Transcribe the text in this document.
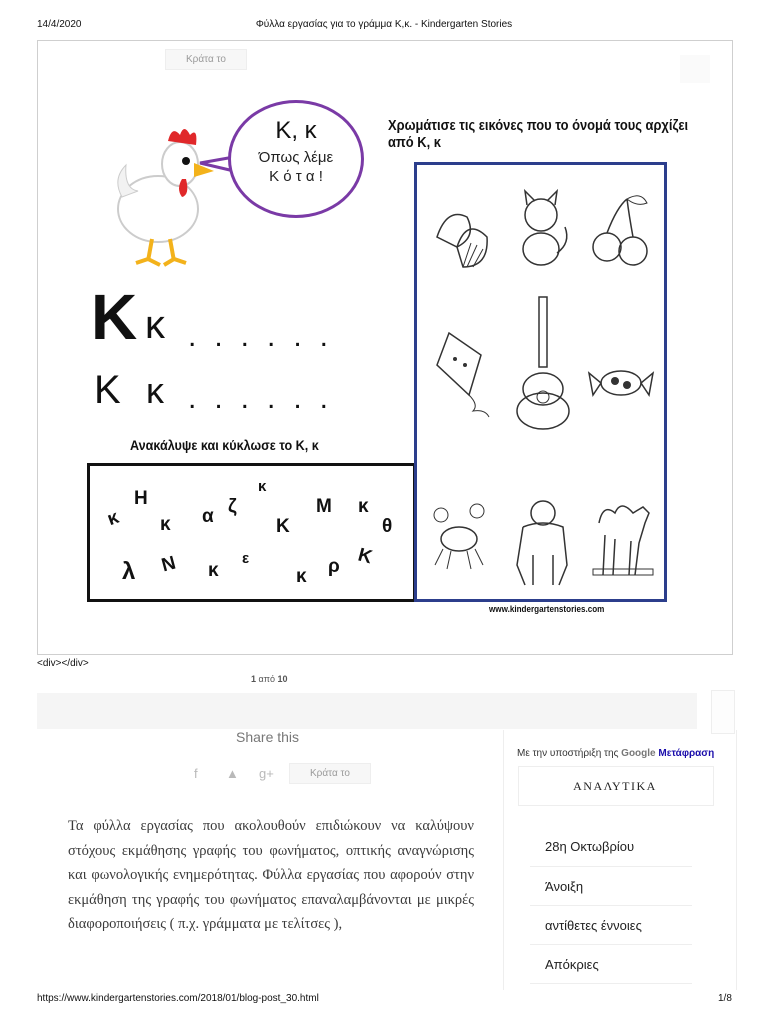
14/4/2020	Φύλλα εργασίας για το γράμμα Κ,κ. - Kindergarten Stories
Κράτα το
Κ, κ
Όπως λέμε
Κ ό τ α !
Χρωμάτισε τις εικόνες που το όνομά τους αρχίζει από Κ, κ
K κ ......
Κ κ ......
Ανακάλυψε και κύκλωσε το Κ, κ
κ
Η
κ α ζ
κ
Κ
Μ κ
θ
λ Ν κ
ε
κ ρ Κ
www.kindergartenstories.com
<div></div>
1 από 10
Share this
f ▲ g+	Κράτα το
Τα φύλλα εργασίας που ακολουθούν επιδιώκουν να καλύψουν στόχους εκμάθησης γραφής του φωνήματος, οπτικής αναγνώρισης και φωνολογικής ενημερότητας. Φύλλα εργασίας που αφορούν στην εκμάθηση της γραφής του φωνήματος επαναλαμβάνονται με μικρές διαφοροποιήσεις ( π.χ. γράμματα με τελίτσες ),
Με την υποστήριξη της Google Μετάφραση
ΑΝΑΛΥΤΙΚΑ
28η Οκτωβρίου
Άνοιξη
αντίθετες έννοιες
Απόκριες
https://www.kindergartenstories.com/2018/01/blog-post_30.html	1/8
